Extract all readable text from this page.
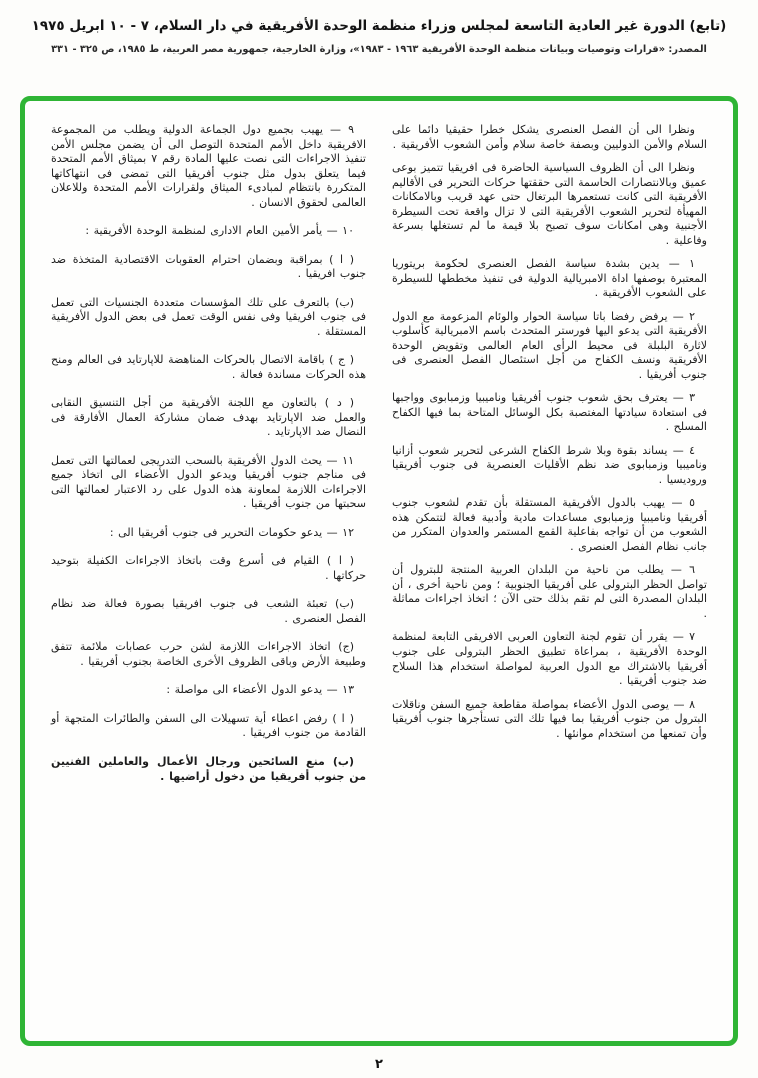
(تابع) الدورة غير العادية التاسعة لمجلس وزراء منظمة الوحدة الأفريقية في دار السلام، ٧ - ١٠ ابريل ١٩٧٥
المصدر: «قرارات وتوصيات وبيانات منظمة الوحدة الأفريقية ١٩٦٣ - ١٩٨٣»، وزارة الخارجية، جمهورية مصر العربية، ط ١٩٨٥، ص ٣٢٥ - ٣٣١

ونظرا الى أن الفصل العنصرى يشكل خطرا حقيقيا دائما على السلام والأمن الدوليين وبصفة خاصة سلام وأمن الشعوب الأفريقية .

ونظرا الى أن الظروف السياسية الحاضرة فى افريقيا تتميز بوعى عميق وبالانتصارات الحاسمة التى حققتها حركات التحرير فى الأقاليم الأفريقية التى كانت تستعمرها البرتغال حتى عهد قريب وبالامكانات المهيأة لتحرير الشعوب الأفريقية التى لا تزال واقعة تحت السيطرة الأجنبية وهى امكانات سوف تصبح بلا قيمة ما لم تستغلها بسرعة وفاعلية .

١ — يدين بشدة سياسة الفصل العنصرى لحكومة بريتوريا المعتبرة بوصفها اداة الامبريالية الدولية فى تنفيذ مخططها للسيطرة على الشعوب الأفريقية .

٢ — يرفض رفضا باتا سياسة الحوار والوئام المزعومة مع الدول الأفريقية التى يدعو اليها فورستر المتحدث باسم الامبريالية كأسلوب لاثارة البلبلة فى محيط الرأى العام العالمى وتقويض الوحدة الأفريقية ونسف الكفاح من أجل استئصال الفصل العنصرى فى جنوب أفريقيا .

٣ — يعترف بحق شعوب جنوب أفريقيا وناميبيا وزمبابوى وواجبها فى استعادة سيادتها المغتصبة بكل الوسائل المتاحة بما فيها الكفاح المسلح .

٤ — يساند بقوة وبلا شرط الكفاح الشرعى لتحرير شعوب أزانيا وناميبيا وزمبابوى ضد نظم الأقليات العنصرية فى جنوب أفريقيا وروديسيا .

٥ — يهيب بالدول الأفريقية المستقلة بأن تقدم لشعوب جنوب أفريقيا وناميبيا وزمبابوى مساعدات مادية وأدبية فعالة لتتمكن هذه الشعوب من أن تواجه بفاعلية القمع المستمر والعدوان المتكرر من جانب نظام الفصل العنصرى .

٦ — يطلب من ناحية من البلدان العربية المنتجة للبترول أن تواصل الحظر البترولى على أفريقيا الجنوبية ؛ ومن ناحية أخرى ، أن البلدان المصدرة التى لم تقم بذلك حتى الآن ؛ اتخاذ اجراءات مماثلة .

٧ — يقرر أن تقوم لجنة التعاون العربى الافريقى التابعة لمنظمة الوحدة الأفريقية ، بمراعاة تطبيق الحظر البترولى على جنوب أفريقيا بالاشتراك مع الدول العربية لمواصلة استخدام هذا السلاح ضد جنوب أفريقيا .

٨ — يوصى الدول الأعضاء بمواصلة مقاطعة جميع السفن وناقلات البترول من جنوب أفريقيا بما فيها تلك التى تستأجرها جنوب أفريقيا وأن تمنعها من استخدام موانئها .

٩ — يهيب بجميع دول الجماعة الدولية ويطلب من المجموعة الافريقية داخل الأمم المتحدة التوصل الى أن يضمن مجلس الأمن تنفيذ الاجراءات التى نصت عليها المادة رقم ٧ بميثاق الأمم المتحدة فيما يتعلق بدول مثل جنوب أفريقيا التى تمضى فى انتهاكاتها المتكررة بانتظام لمبادىء الميثاق ولقرارات الأمم المتحدة وللاعلان العالمى لحقوق الانسان .

١٠ — يأمر الأمين العام الادارى لمنظمة الوحدة الأفريقية :

( ا ) بمراقبة وبضمان احترام العقوبات الاقتصادية المتخذة ضد جنوب افريقيا .

(ب) بالتعرف على تلك المؤسسات متعددة الجنسيات التى تعمل فى جنوب افريقيا وفى نفس الوقت تعمل فى بعض الدول الأفريقية المستقلة .

( ج ) باقامة الاتصال بالحركات المناهضة للاپارتايد فى العالم ومنح هذه الحركات مساندة فعالة .

( د ) بالتعاون مع اللجنة الأفريقية من أجل التنسيق النقابى والعمل ضد الاپارتايد بهدف ضمان مشاركة العمال الأفارقة فى النضال ضد الاپارتايد .

١١ — يحث الدول الأفريقية بالسحب التدريجى لعمالتها التى تعمل فى مناجم جنوب أفريقيا ويدعو الدول الأعضاء الى اتخاذ جميع الاجراءات اللازمة لمعاونة هذه الدول على رد الاعتبار لعمالتها التى سحبتها من جنوب أفريقيا .

١٢ — يدعو حكومات التحرير فى جنوب أفريقيا الى :

( ا ) القيام فى أسرع وقت باتخاذ الاجراءات الكفيلة بتوحيد حركاتها .

(ب) تعبئة الشعب فى جنوب افريقيا بصورة فعالة ضد نظام الفصل العنصرى .

(ج) اتخاذ الاجراءات اللازمة لشن حرب عصابات ملائمة تتفق وطبيعة الأرض وباقى الظروف الأخرى الخاصة بجنوب أفريقيا .

١٣ — يدعو الدول الأعضاء الى مواصلة :

( ا ) رفض اعطاء أية تسهيلات الى السفن والطائرات المتجهة أو القادمة من جنوب افريقيا .

(ب) منع السائحين ورجال الأعمال والعاملين الفنيين من جنوب أفريقيا من دخول أراضيها .

٢
